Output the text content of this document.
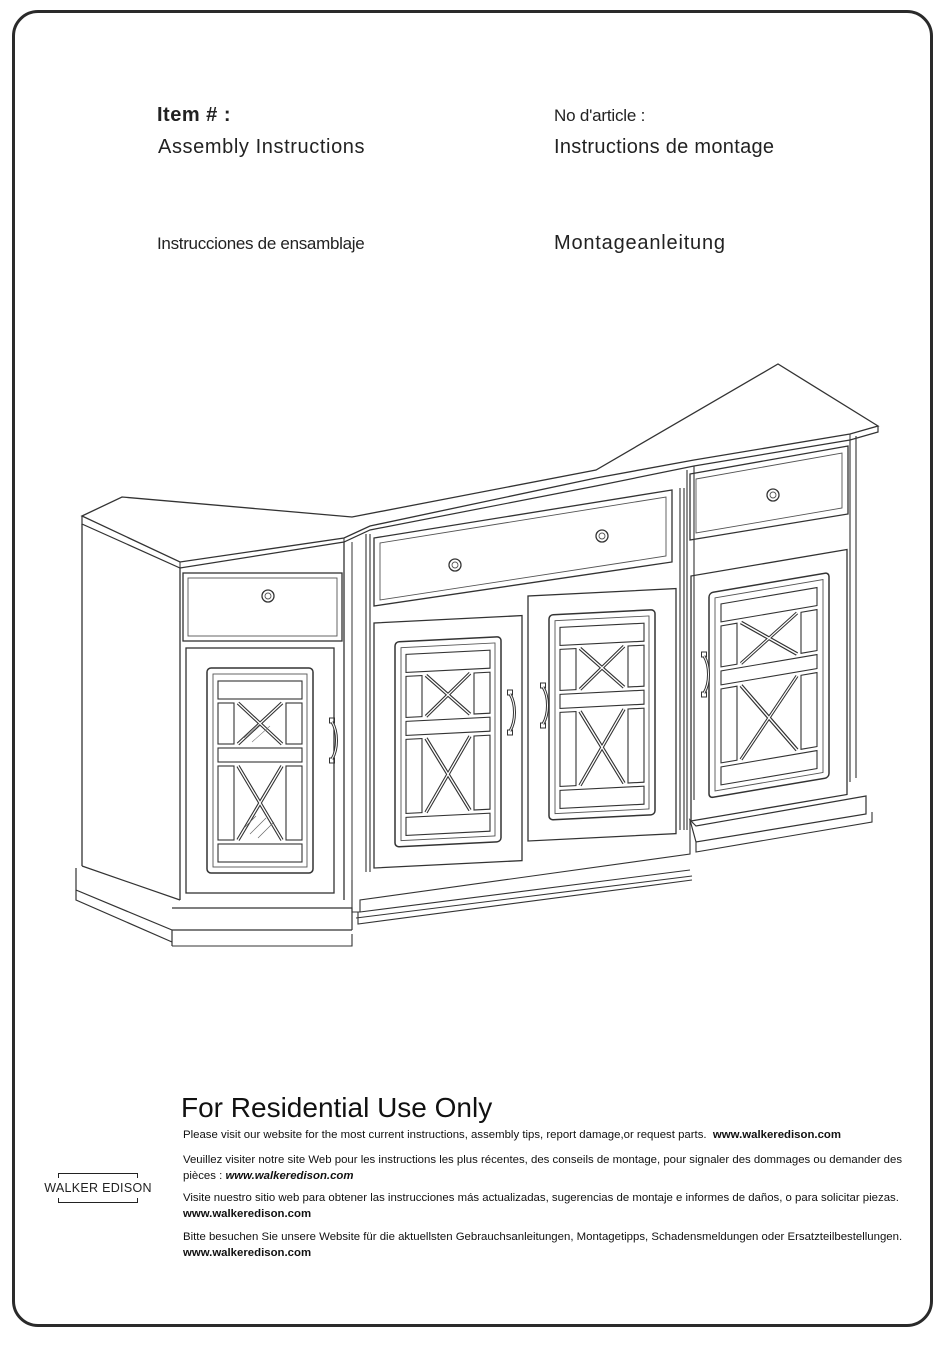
Item # :
Assembly Instructions
No d'article :
Instructions de montage
Instrucciones de ensamblaje	Montageanleitung
For Residential Use Only
Please visit our website for the most current instructions, assembly tips, report damage,or request parts. www.walkeredison.com
Veuillez visiter notre site Web pour les instructions les plus récentes, des conseils de montage, pour signaler des dommages ou demander des pièces : www.walkeredison.com
Visite nuestro sitio web para obtener las instrucciones más actualizadas, sugerencias de montaje e informes de daños, o para solicitar piezas. www.walkeredison.com
Bitte besuchen Sie unsere Website für die aktuellsten Gebrauchsanleitungen, Montagetipps, Schadensmeldungen oder Ersatzteilbestellungen. www.walkeredison.com
WALKER EDISON
